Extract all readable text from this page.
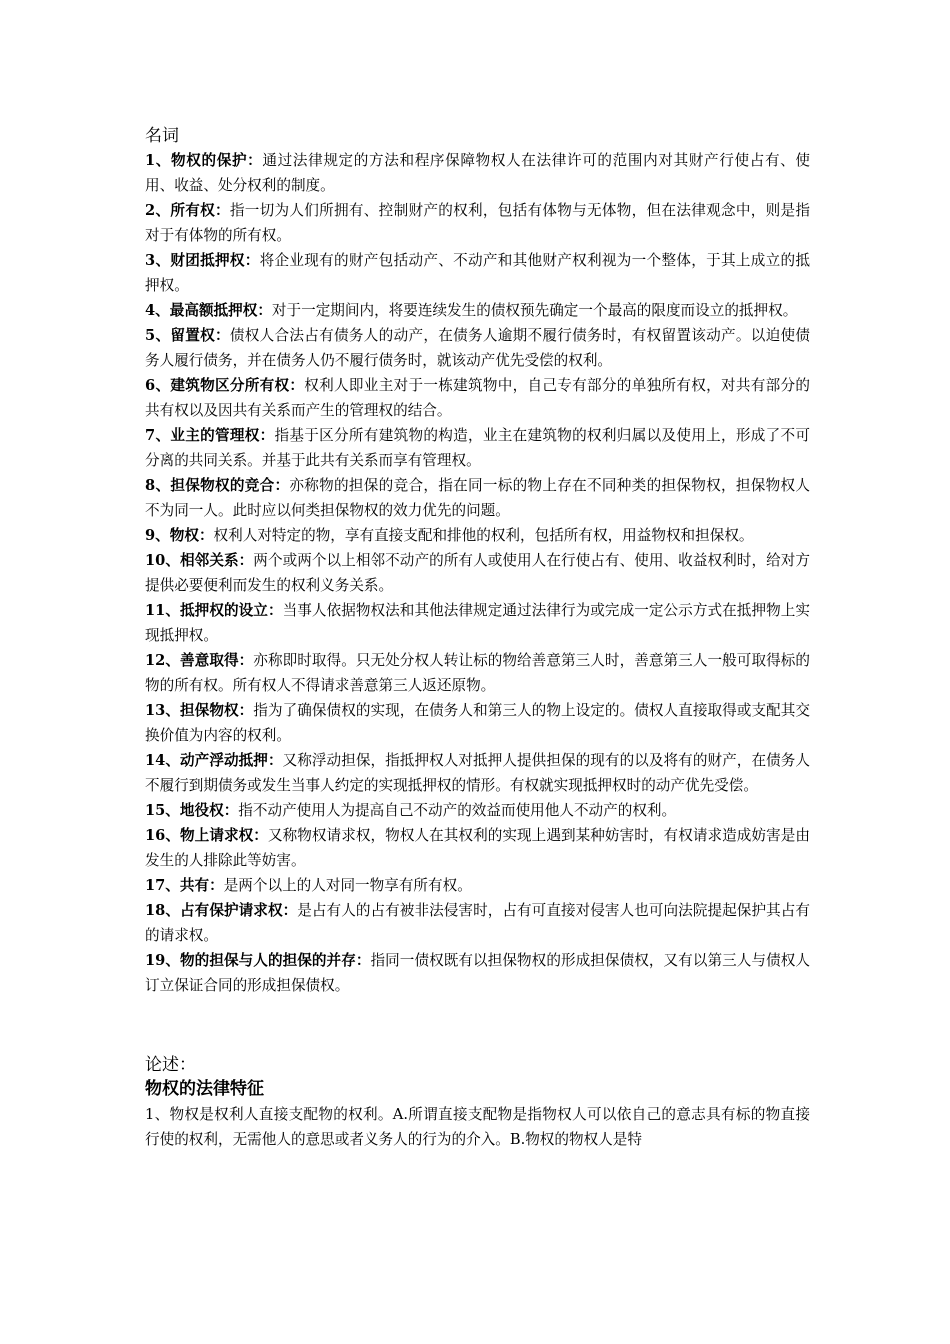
名词

1、物权的保护：通过法律规定的方法和程序保障物权人在法律许可的范围内对其财产行使占有、使用、收益、处分权利的制度。

2、所有权：指一切为人们所拥有、控制财产的权利，包括有体物与无体物，但在法律观念中，则是指对于有体物的所有权。

3、财团抵押权：将企业现有的财产包括动产、不动产和其他财产权利视为一个整体，于其上成立的抵押权。

4、最高额抵押权：对于一定期间内，将要连续发生的债权预先确定一个最高的限度而设立的抵押权。

5、留置权：债权人合法占有债务人的动产，在债务人逾期不履行债务时，有权留置该动产。以迫使债务人履行债务，并在债务人仍不履行债务时，就该动产优先受偿的权利。

6、建筑物区分所有权：权利人即业主对于一栋建筑物中，自己专有部分的单独所有权，对共有部分的共有权以及因共有关系而产生的管理权的结合。

7、业主的管理权：指基于区分所有建筑物的构造，业主在建筑物的权利归属以及使用上，形成了不可分离的共同关系。并基于此共有关系而享有管理权。

8、担保物权的竞合：亦称物的担保的竞合，指在同一标的物上存在不同种类的担保物权，担保物权人不为同一人。此时应以何类担保物权的效力优先的问题。

9、物权：权利人对特定的物，享有直接支配和排他的权利，包括所有权，用益物权和担保权。

10、相邻关系：两个或两个以上相邻不动产的所有人或使用人在行使占有、使用、收益权利时，给对方提供必要便利而发生的权利义务关系。

11、抵押权的设立：当事人依据物权法和其他法律规定通过法律行为或完成一定公示方式在抵押物上实现抵押权。

12、善意取得：亦称即时取得。只无处分权人转让标的物给善意第三人时，善意第三人一般可取得标的物的所有权。所有权人不得请求善意第三人返还原物。

13、担保物权：指为了确保债权的实现，在债务人和第三人的物上设定的。债权人直接取得或支配其交换价值为内容的权利。

14、动产浮动抵押：又称浮动担保，指抵押权人对抵押人提供担保的现有的以及将有的财产，在债务人不履行到期债务或发生当事人约定的实现抵押权的情形。有权就实现抵押权时的动产优先受偿。

15、地役权：指不动产使用人为提高自己不动产的效益而使用他人不动产的权利。

16、物上请求权：又称物权请求权，物权人在其权利的实现上遇到某种妨害时，有权请求造成妨害是由发生的人排除此等妨害。

17、共有：是两个以上的人对同一物享有所有权。

18、占有保护请求权：是占有人的占有被非法侵害时，占有可直接对侵害人也可向法院提起保护其占有的请求权。

19、物的担保与人的担保的并存：指同一债权既有以担保物权的形成担保债权，又有以第三人与债权人订立保证合同的形成担保债权。

论述：

物权的法律特征

1、物权是权利人直接支配物的权利。A.所谓直接支配物是指物权人可以依自己的意志具有标的物直接行使的权利，无需他人的意思或者义务人的行为的介入。B.物权的物权人是特
